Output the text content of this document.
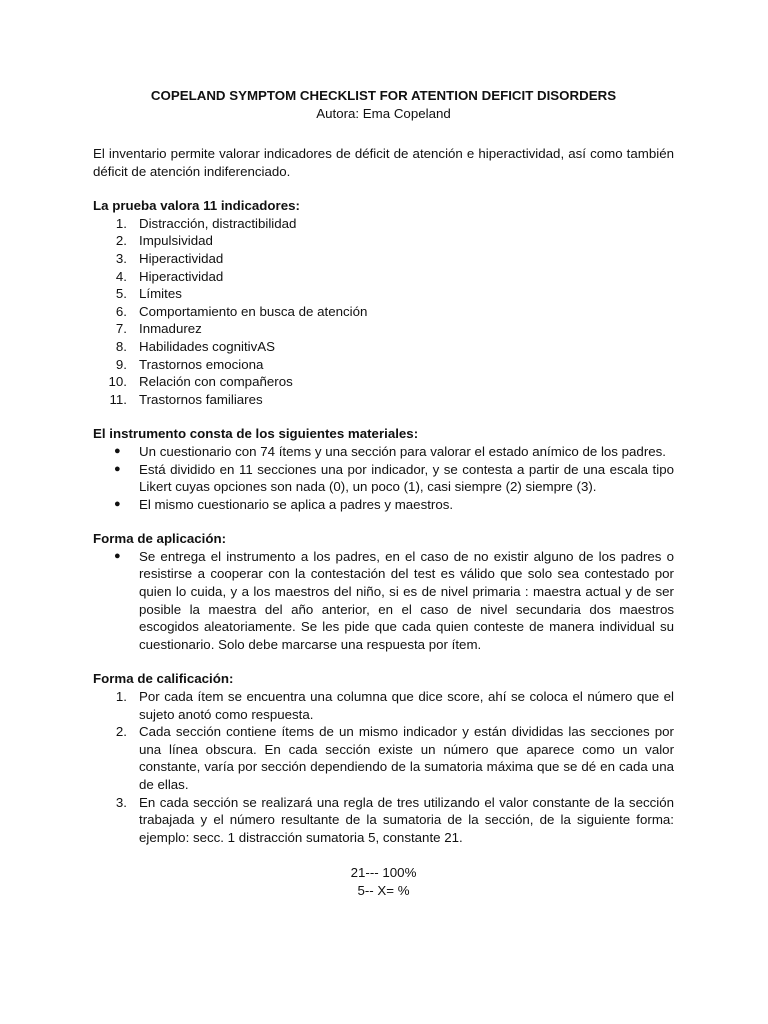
COPELAND SYMPTOM CHECKLIST FOR ATENTION DEFICIT DISORDERS

Autora: Ema Copeland

El inventario permite valorar indicadores de déficit de atención e hiperactividad, así como también déficit de atención indiferenciado.

La prueba valora 11 indicadores:

1. Distracción, distractibilidad
2. Impulsividad
3. Hiperactividad
4. Hiperactividad
5. Límites
6. Comportamiento en busca de atención
7. Inmadurez
8. Habilidades cognitivAS
9. Trastornos emociona
10. Relación con compañeros
11. Trastornos familiares

El instrumento consta de los siguientes materiales:

● Un cuestionario con 74 ítems y una sección para valorar el estado anímico de los padres.
● Está dividido en 11 secciones una por indicador, y se contesta a partir de una escala tipo Likert cuyas opciones son nada (0), un poco (1), casi siempre (2) siempre (3).
● El mismo cuestionario se aplica a padres y maestros.

Forma de aplicación:

● Se entrega el instrumento a los padres, en el caso de no existir alguno de los padres o resistirse a cooperar con la contestación del test es válido que solo sea contestado por quien lo cuida, y a los maestros del niño, si es de nivel primaria : maestra actual y de ser posible la maestra del año anterior, en el caso de nivel secundaria dos maestros escogidos aleatoriamente. Se les pide que cada quien conteste de manera individual su cuestionario. Solo debe marcarse una respuesta por ítem.

Forma de calificación:

1. Por cada ítem se encuentra una columna que dice score, ahí se coloca el número que el sujeto anotó como respuesta.
2. Cada sección contiene ítems de un mismo indicador y están divididas las secciones por una línea obscura. En cada sección existe un número que aparece como un valor constante, varía por sección dependiendo de la sumatoria máxima que se dé en cada una de ellas.
3. En cada sección se realizará una regla de tres utilizando el valor constante de la sección trabajada y el número resultante de la sumatoria de la sección, de la siguiente forma: ejemplo: secc. 1 distracción sumatoria 5, constante 21.
21--- 100%
5-- X= %
